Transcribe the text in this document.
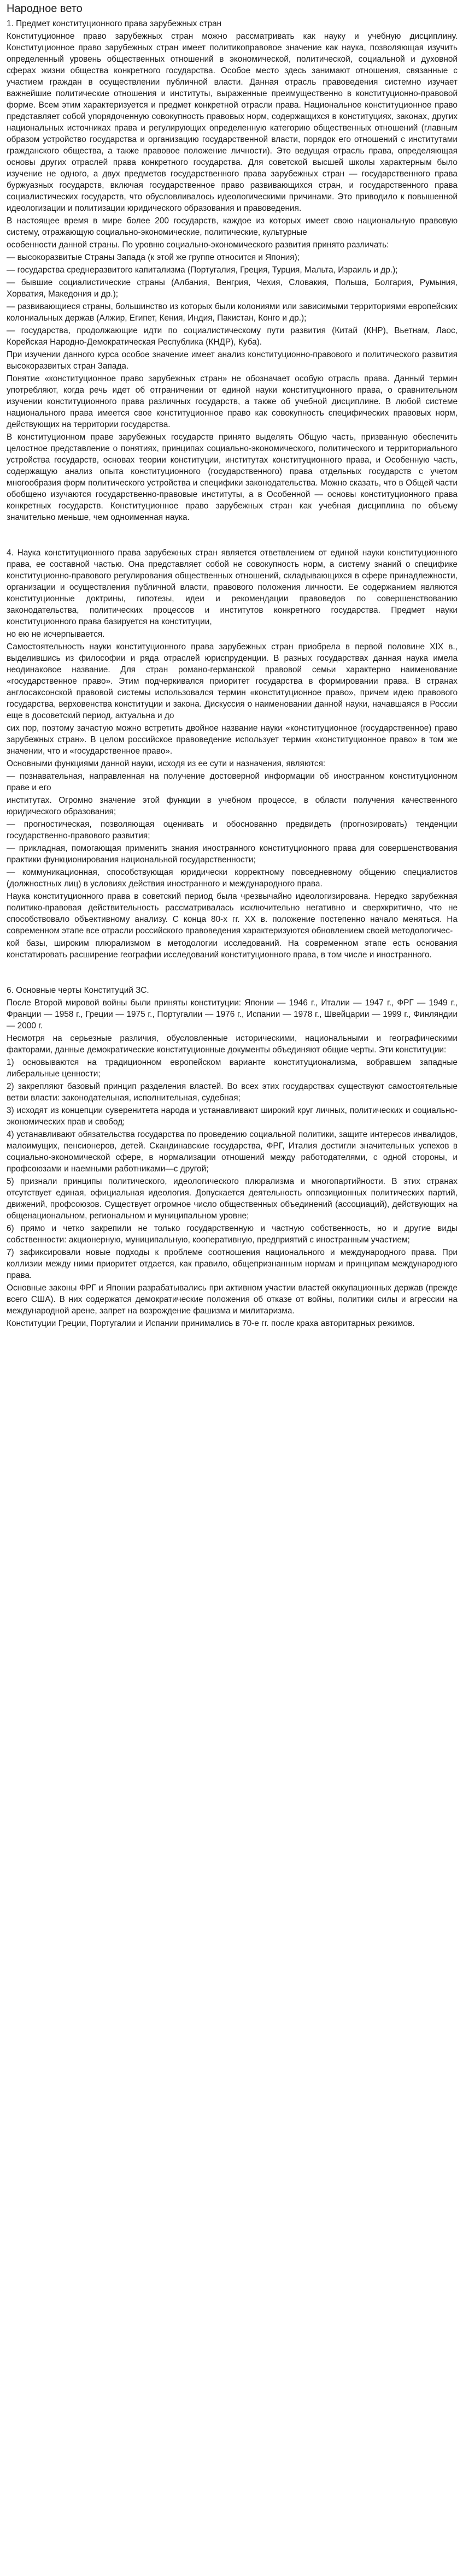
Народное вето
1. Предмет конституционного права зарубежных стран

Конституционное право зарубежных стран можно рассматривать как науку и учебную дисциплину. Конституционное право зарубежных стран имеет политикоправовое значение как наука, позволяющая изучить определенный уровень общественных отношений в экономической, политической, социальной и духовной сферах жизни общества конкретного государства. Особое место здесь занимают отношения, связанные с участием граждан в осуществлении публичной власти. Данная отрасль правоведения системно изучает важнейшие политические отношения и институты, выраженные преимущественно в конституционно-правовой форме. Всем этим характеризуется и предмет конкретной отрасли права. Национальное конституционное право представляет собой упорядоченную совокупность правовых норм, содержащихся в конституциях, законах, других национальных источниках права и регулирующих определенную категорию общественных отношений (главным образом устройство государства и организацию государственной власти, порядок его отношений с институтами гражданского общества, а также правовое положение личности). Это ведущая отрасль права, определяющая основы других отраслей права конкретного государства. Для советской высшей школы характерным было изучение не одного, а двух предметов государственного права зарубежных стран — государственного права буржуазных государств, включая государственное право развивающихся стран, и государственного права социалистических государств, что обусловливалось идеологическими причинами. Это приводило к повышенной идеологизации и политизации юридического образования и правоведения.

В настоящее время в мире более 200 государств, каждое из которых имеет свою национальную правовую систему, отражающую социально-экономические, политические, культурные

особенности данной страны. По уровню социально-экономического развития принято различать:

— высокоразвитые Страны Запада (к этой же группе относится и Япония);

— государства среднеразвитого капитализма (Португалия, Греция, Турция, Мальта, Израиль и др.);

— бывшие социалистические страны (Албания, Венгрия, Чехия, Словакия, Польша, Болгария, Румыния, Хорватия, Македония и др.);

— развивающиеся страны, большинство из которых были колониями или зависимыми территориями европейских колониальных держав (Алжир, Египет, Кения, Индия, Пакистан, Конго и др.);

— государства, продолжающие идти по социалистическому пути развития (Китай (КНР), Вьетнам, Лаос, Корейская Народно-Демократическая Республика (КНДР), Куба).

При изучении данного курса особое значение имеет анализ конституционно-правового и политического развития высокоразвитых стран Запада.

Понятие «конституционное право зарубежных стран» не обозначает особую отрасль права. Данный термин употребляют, когда речь идет об отграничении от единой науки конституционного права, о сравнительном изучении конституционного права различных государств, а также об учебной дисциплине. В любой системе национального права имеется свое конституционное право как совокупность специфических правовых норм, действующих на территории государства.

В конституционном праве зарубежных государств принято выделять Общую часть, призванную обеспечить целостное представление о понятиях, принципах социально-экономического, политического и территориального устройства государств, основах теории конституции, институтах конституционного права, и Особенную часть, содержащую анализ опыта конституционного (государственного) права отдельных государств с учетом многообразия форм политического устройства и специфики законодательства. Можно сказать, что в Общей части обобщено изучаются государственно-правовые институты, а в Особенной — основы конституционного права конкретных государств. Конституционное право зарубежных стран как учебная дисциплина по объему значительно меньше, чем одноименная наука.

4. Наука конституционного права зарубежных стран является ответвлением от единой науки конституционного права, ее составной частью. Она представляет собой не совокупность норм, а систему знаний о специфике конституционно-правового регулирования общественных отношений, складывающихся в сфере принадлежности, организации и осуществления публичной власти, правового положения личности. Ее содержанием являются конституционные доктрины, гипотезы, идеи и рекомендации правоведов по совершенствованию законодательства, политических процессов и институтов конкретного государства. Предмет науки конституционного права базируется на конституции,

но ею не исчерпывается.

Самостоятельность науки конституционного права зарубежных стран приобрела в первой половине XIX в., выделившись из философии и ряда отраслей юриспруденции. В разных государствах данная наука имела неодинаковое название. Для стран романо-германской правовой семьи характерно наименование «государственное право». Этим подчеркивался приоритет государства в формировании права. В странах англосаксонской правовой системы использовался термин «конституционное право», причем идею правового государства, верховенства конституции и закона. Дискуссия о наименовании данной науки, начавшаяся в России еще в досоветский период, актуальна и до

сих пор, поэтому зачастую можно встретить двойное название науки «конституционное (государственное) право зарубежных стран». В целом российское правоведение использует термин «конституционное право» в том же значении, что и «государственное право».

Основными функциями данной науки, исходя из ее сути и назначения, являются:

— познавательная, направленная на получение достоверной информации об иностранном конституционном праве и его

институтах. Огромно значение этой функции в учебном процессе, в области получения качественного юридического образования;

— прогностическая, позволяющая оценивать и обоснованно предвидеть (прогнозировать) тенденции государственно-правового развития;

— прикладная, помогающая применить знания иностранного конституционного права для совершенствования практики функционирования национальной государственности;

— коммуникационная, способствующая юридически корректному повседневному общению специалистов (должностных лиц) в условиях действия иностранного и международного права.

Наука конституционного права в советский период была чрезвычайно идеологизирована. Нередко зарубежная политико-правовая действительность рассматривалась исключительно негативно и сверхкритично, что не способствовало объективному анализу. С конца 80-х гг. XX в. положение постепенно начало меняться. На современном этапе все отрасли российского правоведения характеризуются обновлением своей методологичес-

кой базы, широким плюрализмом в методологии исследований. На современном этапе есть основания констатировать расширение географии исследований конституционного права, в том числе и иностранного.

6. Основные черты Конституций ЗС.

После Второй мировой войны были приняты конституции: Японии — 1946 г., Италии — 1947 г., ФРГ — 1949 г., Франции — 1958 г., Греции — 1975 г., Португалии — 1976 г., Испании — 1978 г., Швейцарии — 1999 г., Финляндии — 2000 г.

Несмотря на серьезные различия, обусловленные историческими, национальными и географическими факторами, данные демократические конституционные документы объединяют общие черты. Эти конституции:

1) основываются на традиционном европейском варианте конституционализма, вобравшем западные либеральные ценности;

2) закрепляют базовый принцип разделения властей. Во всех этих государствах существуют самостоятельные ветви власти: законодательная, исполнительная, судебная;

3) исходят из концепции суверенитета народа и устанавливают широкий круг личных, политических и социально-экономических прав и свобод;

4) устанавливают обязательства государства по проведению социальной политики, защите интересов инвалидов, малоимущих, пенсионеров, детей. Скандинавские государства, ФРГ, Италия достигли значительных успехов в социально-экономической сфере, в нормализации отношений между работодателями, с одной стороны, и профсоюзами и наемными работниками—с другой;

5) признали принципы политического, идеологического плюрализма и многопартийности. В этих странах отсутствует единая, официальная идеология. Допускается деятельность оппозиционных политических партий, движений, профсоюзов. Существует огромное число общественных объединений (ассоциаций), действующих на общенациональном, региональном и муниципальном уровне;

6) прямо и четко закрепили не только государственную и частную собственность, но и другие виды собственности: акционерную, муниципальную, кооперативную, предприятий с иностранным участием;

7) зафиксировали новые подходы к проблеме соотношения национального и международного права. При коллизии между ними приоритет отдается, как правило, общепризнанным нормам и принципам международного права.

Основные законы ФРГ и Японии разрабатывались при активном участии властей оккупационных держав (прежде всего США). В них содержатся демократические положения об отказе от войны, политики силы и агрессии на международной арене, запрет на возрождение фашизма и милитаризма.

Конституции Греции, Португалии и Испании принимались в 70-е гг. после краха авторитарных режимов.
